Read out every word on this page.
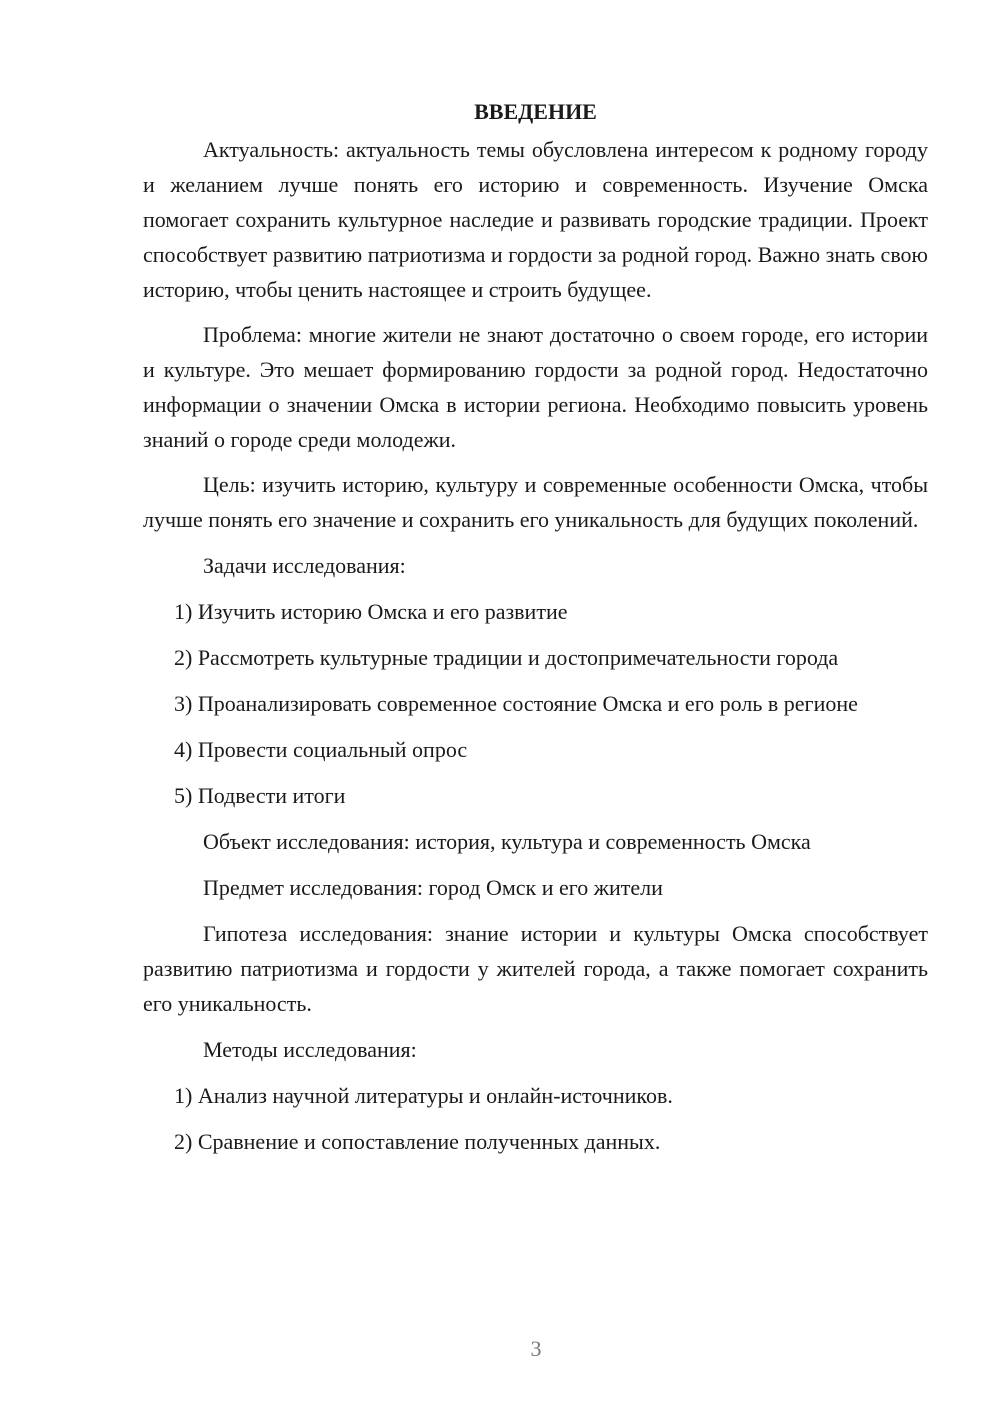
ВВЕДЕНИЕ

Актуальность: актуальность темы обусловлена интересом к родному городу и желанием лучше понять его историю и современность. Изучение Омска помогает сохранить культурное наследие и развивать городские традиции. Проект способствует развитию патриотизма и гордости за родной город. Важно знать свою историю, чтобы ценить настоящее и строить будущее.

Проблема: многие жители не знают достаточно о своем городе, его истории и культуре. Это мешает формированию гордости за родной город. Недостаточно информации о значении Омска в истории региона. Необходимо повысить уровень знаний о городе среди молодежи.

Цель: изучить историю, культуру и современные особенности Омска, чтобы лучше понять его значение и сохранить его уникальность для будущих поколений.

Задачи исследования:

1) Изучить историю Омска и его развитие

2) Рассмотреть культурные традиции и достопримечательности города

3) Проанализировать современное состояние Омска и его роль в регионе

4) Провести социальный опрос

5) Подвести итоги

Объект исследования: история, культура и современность Омска

Предмет исследования: город Омск и его жители

Гипотеза исследования: знание истории и культуры Омска способствует развитию патриотизма и гордости у жителей города, а также помогает сохранить его уникальность.

Методы исследования:

1) Анализ научной литературы и онлайн-источников.

2) Сравнение и сопоставление полученных данных.

3
